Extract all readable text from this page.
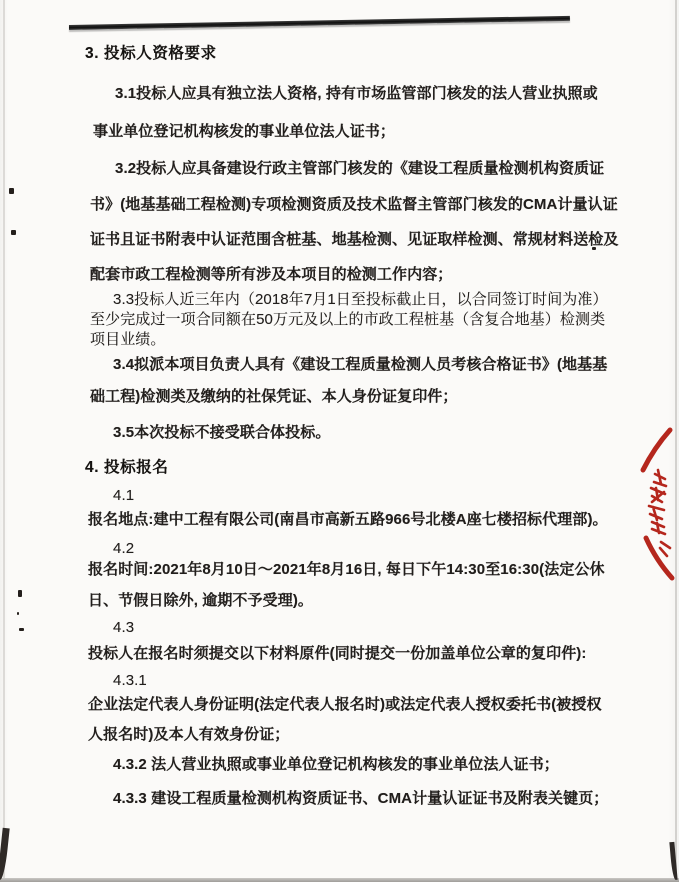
3. 投标人资格要求
3.1投标人应具有独立法人资格, 持有市场监管部门核发的法人营业执照或
事业单位登记机构核发的事业单位法人证书；
3.2投标人应具备建设行政主管部门核发的《建设工程质量检测机构资质证
书》(地基基础工程检测)专项检测资质及技术监督主管部门核发的CMA计量认证
证书且证书附表中认证范围含桩基、地基检测、见证取样检测、常规材料送检及
配套市政工程检测等所有涉及本项目的检测工作内容；
3.3投标人近三年内（2018年7月1日至投标截止日，以合同签订时间为准）
至少完成过一项合同额在50万元及以上的市政工程桩基（含复合地基）检测类
项目业绩。
3.4拟派本项目负责人具有《建设工程质量检测人员考核合格证书》(地基基
础工程)检测类及缴纳的社保凭证、本人身份证复印件；
3.5本次投标不接受联合体投标。
4. 投标报名
4.1
报名地点:建中工程有限公司(南昌市高新五路966号北楼A座七楼招标代理部)。
4.2
报名时间:2021年8月10日～2021年8月16日, 每日下午14:30至16:30(法定公休
日、节假日除外, 逾期不予受理)。
4.3
投标人在报名时须提交以下材料原件(同时提交一份加盖单位公章的复印件):
4.3.1
企业法定代表人身份证明(法定代表人报名时)或法定代表人授权委托书(被授权
人报名时)及本人有效身份证；
4.3.2 法人营业执照或事业单位登记机构核发的事业单位法人证书；
4.3.3 建设工程质量检测机构资质证书、CMA计量认证证书及附表关键页；
